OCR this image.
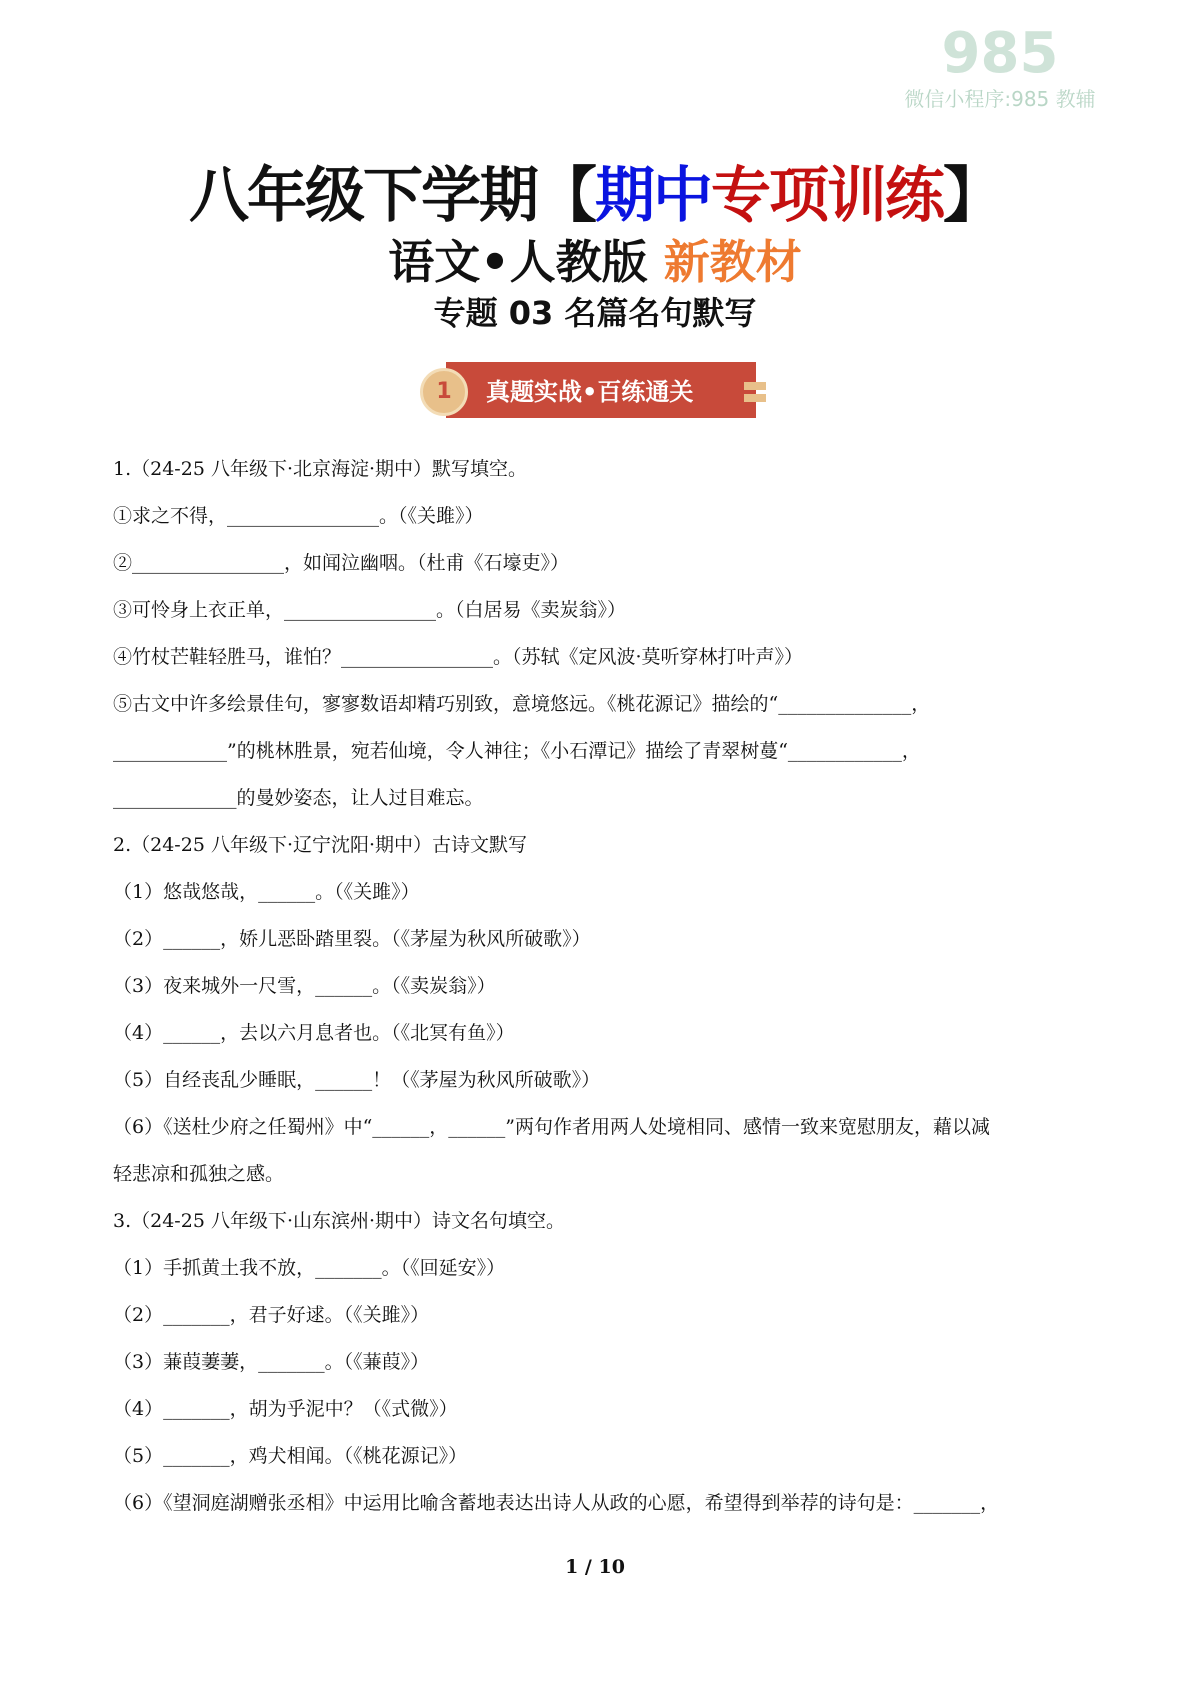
985
微信小程序:985 教辅
八年级下学期【期中专项训练】
语文•人教版 新教材
专题 03 名篇名句默写
1	真题实战•百练通关
1.（24-25 八年级下·北京海淀·期中）默写填空。
①求之不得，________________。（《关雎》）
②________________，如闻泣幽咽。（杜甫《石壕吏》）
③可怜身上衣正单，________________。（白居易《卖炭翁》）
④竹杖芒鞋轻胜马，谁怕？________________。（苏轼《定风波·莫听穿林打叶声》）
⑤古文中许多绘景佳句，寥寥数语却精巧别致，意境悠远。《桃花源记》描绘的“______________，
____________”的桃林胜景，宛若仙境，令人神往；《小石潭记》描绘了青翠树蔓“____________，
_____________的曼妙姿态，让人过目难忘。
2.（24-25 八年级下·辽宁沈阳·期中）古诗文默写
（1）悠哉悠哉，______。（《关雎》）
（2）______，娇儿恶卧踏里裂。（《茅屋为秋风所破歌》）
（3）夜来城外一尺雪，______。（《卖炭翁》）
（4）______，去以六月息者也。（《北冥有鱼》）
（5）自经丧乱少睡眠，______！（《茅屋为秋风所破歌》）
（6）《送杜少府之任蜀州》中“______，______”两句作者用两人处境相同、感情一致来宽慰朋友，藉以减
轻悲凉和孤独之感。
3.（24-25 八年级下·山东滨州·期中）诗文名句填空。
（1）手抓黄土我不放，_______。（《回延安》）
（2）_______，君子好逑。（《关雎》）
（3）蒹葭萋萋，_______。（《蒹葭》）
（4）_______，胡为乎泥中？（《式微》）
（5）_______，鸡犬相闻。（《桃花源记》）
（6）《望洞庭湖赠张丞相》中运用比喻含蓄地表达出诗人从政的心愿，希望得到举荐的诗句是：_______，
1 / 10
